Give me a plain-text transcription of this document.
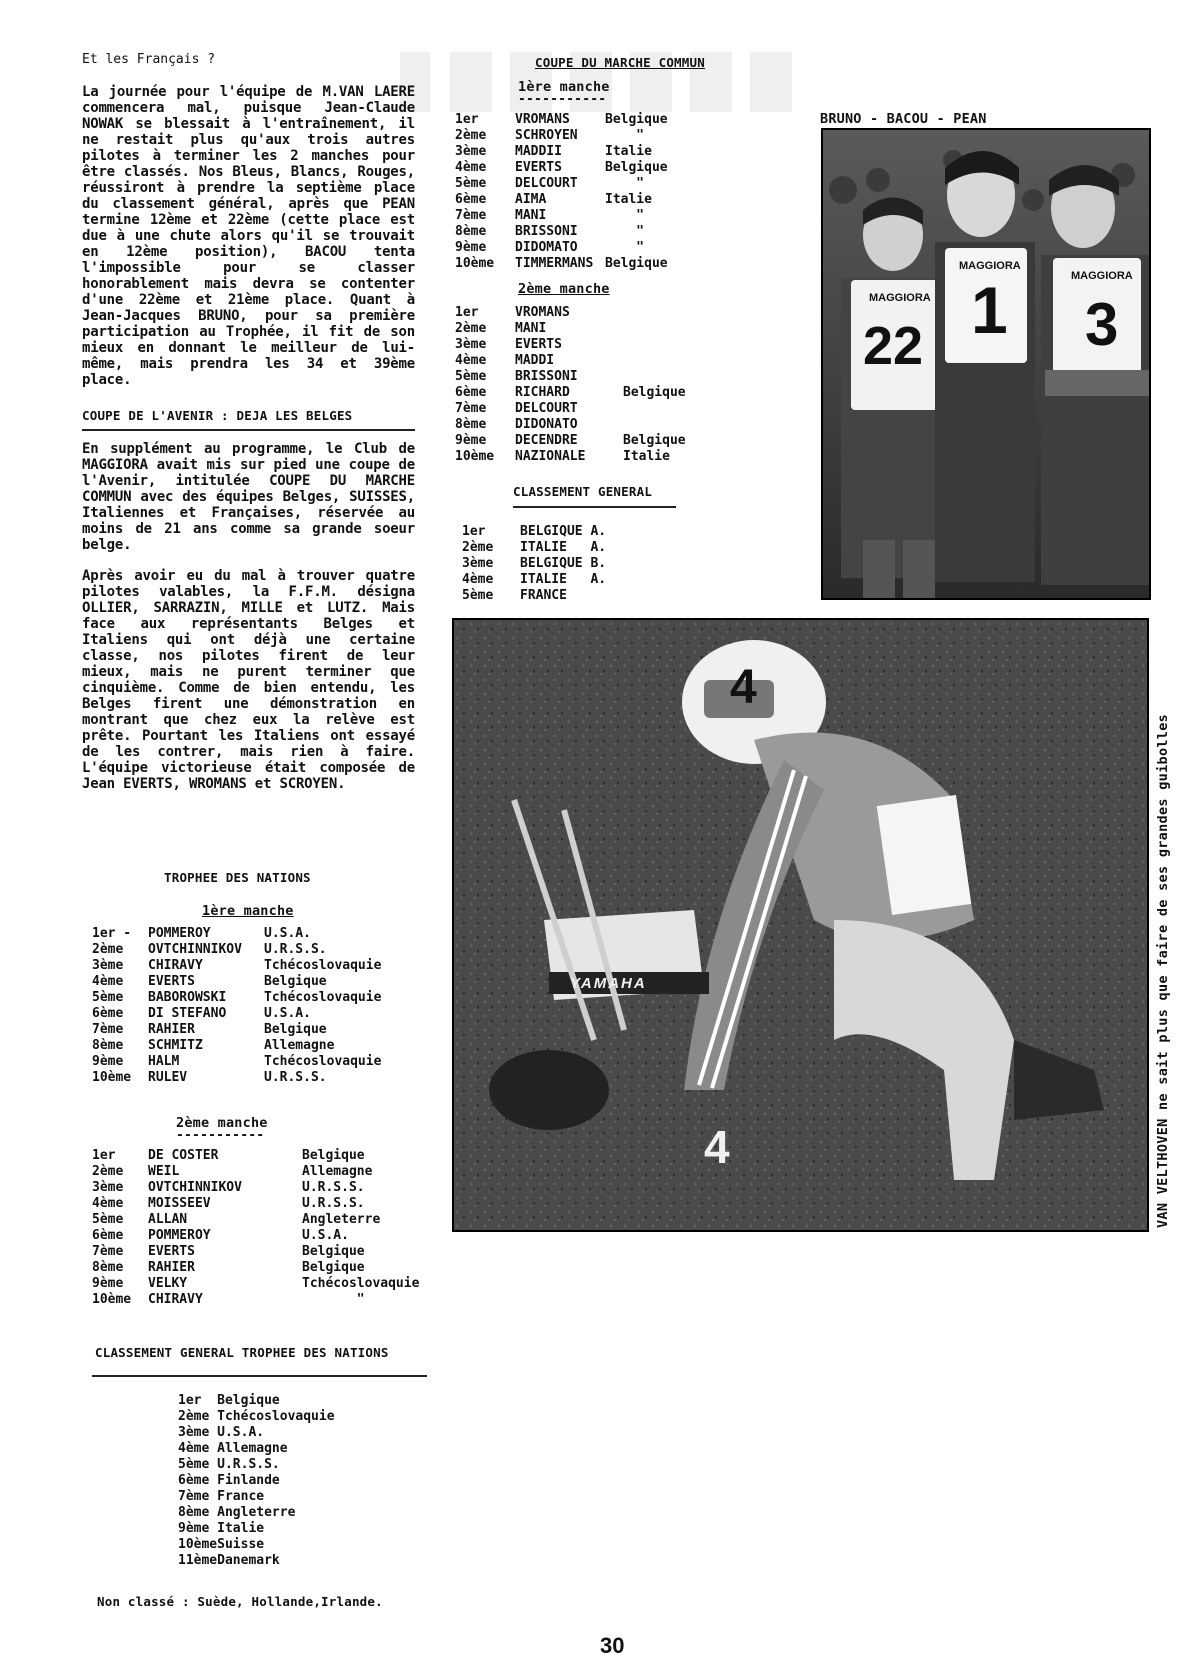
Et les Français ?
La journée pour l'équipe de M.VAN LAERE commencera mal, puisque Jean-Claude NOWAK se blessait à l'entraînement, il ne restait plus qu'aux trois autres pilotes à terminer les 2 manches pour être classés. Nos Bleus, Blancs, Rouges, réussiront à prendre la septième place du classement général, après que PEAN termine 12ème et 22ème (cette place est due à une chute alors qu'il se trouvait en 12ème position), BACOU tenta l'impossible pour se classer honorablement mais devra se contenter d'une 22ème et 21ème place. Quant à Jean-Jacques BRUNO, pour sa première participation au Trophée, il fit de son mieux en donnant le meilleur de lui-même, mais prendra les 34 et 39ème place.
COUPE DE L'AVENIR : DEJA LES BELGES
En supplément au programme, le Club de MAGGIORA avait mis sur pied une coupe de l'Avenir, intitulée COUPE DU MARCHE COMMUN avec des équipes Belges, SUISSES, Italiennes et Françaises, réservée au moins de 21 ans comme sa grande soeur belge.
Après avoir eu du mal à trouver quatre pilotes valables, la F.F.M. désigna OLLIER, SARRAZIN, MILLE et LUTZ. Mais face aux représentants Belges et Italiens qui ont déjà une certaine classe, nos pilotes firent de leur mieux, mais ne purent terminer que cinquième. Comme de bien entendu, les Belges firent une démonstration en montrant que chez eux la relève est prête. Pourtant les Italiens ont essayé de les contrer, mais rien à faire. L'équipe victorieuse était composée de Jean EVERTS, WROMANS et SCROYEN.
TROPHEE DES NATIONS
1ère manche
1er -	POMMEROY	U.S.A.
2ème	OVTCHINNIKOV	U.R.S.S.
3ème	CHIRAVY	Tchécoslovaquie
4ème	EVERTS	Belgique
5ème	BABOROWSKI	Tchécoslovaquie
6ème	DI STEFANO	U.S.A.
7ème	RAHIER	Belgique
8ème	SCHMITZ	Allemagne
9ème	HALM	Tchécoslovaquie
10ème	RULEV	U.R.S.S.
2ème manche
-----------
1er	DE COSTER	Belgique
2ème	WEIL	Allemagne
3ème	OVTCHINNIKOV	U.R.S.S.
4ème	MOISSEEV	U.R.S.S.
5ème	ALLAN	Angleterre
6ème	POMMEROY	U.S.A.
7ème	EVERTS	Belgique
8ème	RAHIER	Belgique
9ème	VELKY	Tchécoslovaquie
10ème	CHIRAVY	"
CLASSEMENT GENERAL TROPHEE DES NATIONS
1er	Belgique
2ème	Tchécoslovaquie
3ème	U.S.A.
4ème	Allemagne
5ème	U.R.S.S.
6ème	Finlande
7ème	France
8ème	Angleterre
9ème	Italie
10ème	Suisse
11ème	Danemark
Non classé : Suède, Hollande,Irlande.
COUPE DU MARCHE COMMUN
1ère manche
-----------
1er	VROMANS	Belgique
2ème	SCHROYEN	"
3ème	MADDII	Italie
4ème	EVERTS	Belgique
5ème	DELCOURT	"
6ème	AIMA	Italie
7ème	MANI	"
8ème	BRISSONI	"
9ème	DIDOMATO	"
10ème	TIMMERMANS	Belgique
2ème manche
1er	VROMANS	
2ème	MANI	
3ème	EVERTS	
4ème	MADDI	
5ème	BRISSONI	
6ème	RICHARD	Belgique
7ème	DELCOURT	
8ème	DIDONATO	
9ème	DECENDRE	Belgique
10ème	NAZIONALE	Italie
CLASSEMENT GENERAL
1er	BELGIQUE A.
2ème	ITALIE   A.
3ème	BELGIQUE B.
4ème	ITALIE   A.
5ème	FRANCE
BRUNO - BACOU - PEAN
MAGGIORA
22
MAGGIORA
1	MAGGIORA
3
4
YAMAHA
4	VAN VELTHOVEN ne sait plus que faire de ses grandes guibolles
30
